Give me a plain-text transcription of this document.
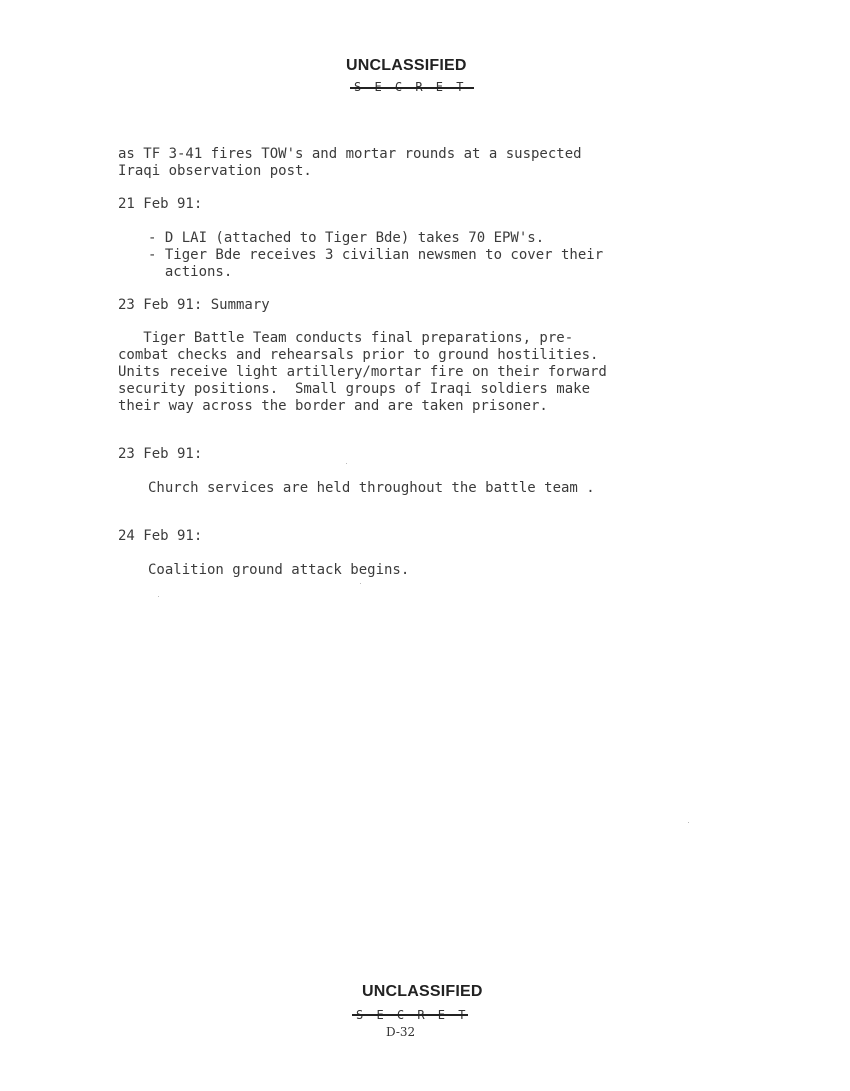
UNCLASSIFIED
as TF 3-41 fires TOW's and mortar rounds at a suspected
Iraqi observation post.
21 Feb 91:
- D LAI (attached to Tiger Bde) takes 70 EPW's.
- Tiger Bde receives 3 civilian newsmen to cover their
actions.
23 Feb 91: Summary
Tiger Battle Team conducts final preparations, pre-
combat checks and rehearsals prior to ground hostilities.
Units receive light artillery/mortar fire on their forward
security positions.  Small groups of Iraqi soldiers make
their way across the border and are taken prisoner.
23 Feb 91:
Church services are held throughout the battle team .
24 Feb 91:
Coalition ground attack begins.
UNCLASSIFIED
D-32
